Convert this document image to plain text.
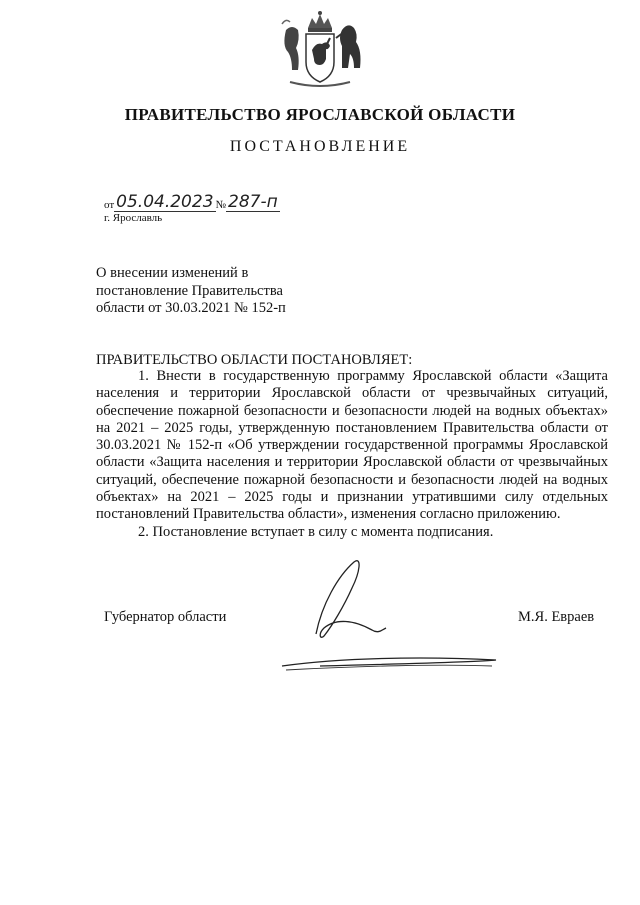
ПРАВИТЕЛЬСТВО ЯРОСЛАВСКОЙ ОБЛАСТИ
ПОСТАНОВЛЕНИЕ
от 05.04.2023 № 287-п
г. Ярославль
О внесении изменений в
постановление Правительства
области от 30.03.2021 № 152-п
ПРАВИТЕЛЬСТВО ОБЛАСТИ ПОСТАНОВЛЯЕТ:

1. Внести в государственную программу Ярославской области «Защита населения и территории Ярославской области от чрезвычайных ситуаций, обеспечение пожарной безопасности и безопасности людей на водных объектах» на 2021 – 2025 годы, утвержденную постановлением Правительства области от 30.03.2021 № 152-п «Об утверждении государственной программы Ярославской области «Защита населения и территории Ярославской области от чрезвычайных ситуаций, обеспечение пожарной безопасности и безопасности людей на водных объектах» на 2021 – 2025 годы и признании утратившими силу отдельных постановлений Правительства области», изменения согласно приложению.

2. Постановление вступает в силу с момента подписания.

Губернатор области	М.Я. Евраев
